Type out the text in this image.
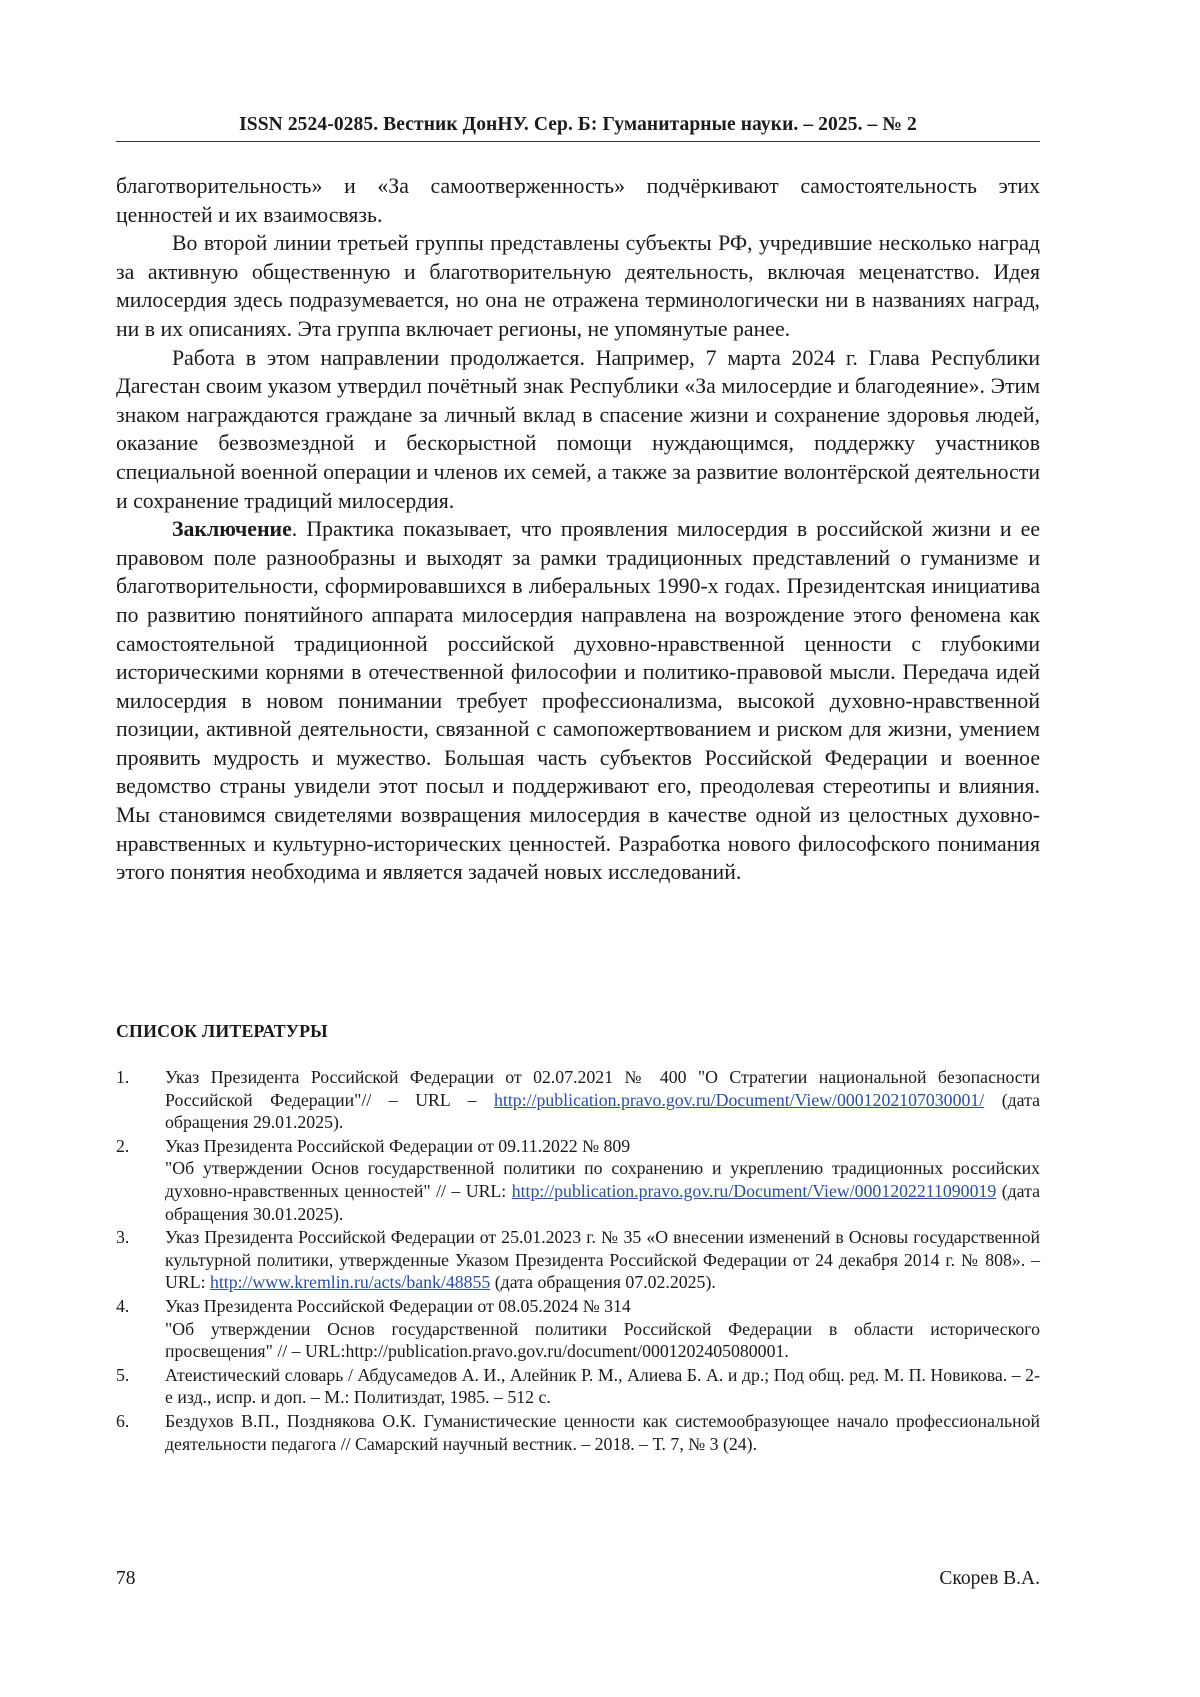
ISSN 2524-0285. Вестник ДонНУ. Сер. Б: Гуманитарные науки. – 2025. – № 2

благотворительность» и «За самоотверженность» подчёркивают самостоятельность этих ценностей и их взаимосвязь.

Во второй линии третьей группы представлены субъекты РФ, учредившие несколько наград за активную общественную и благотворительную деятельность, включая меценатство. Идея милосердия здесь подразумевается, но она не отражена терминологически ни в названиях наград, ни в их описаниях. Эта группа включает регионы, не упомянутые ранее.

Работа в этом направлении продолжается. Например, 7 марта 2024 г. Глава Республики Дагестан своим указом утвердил почётный знак Республики «За милосердие и благодеяние». Этим знаком награждаются граждане за личный вклад в спасение жизни и сохранение здоровья людей, оказание безвозмездной и бескорыстной помощи нуждающимся, поддержку участников специальной военной операции и членов их семей, а также за развитие волонтёрской деятельности и сохранение традиций милосердия.

Заключение. Практика показывает, что проявления милосердия в российской жизни и ее правовом поле разнообразны и выходят за рамки традиционных представлений о гуманизме и благотворительности, сформировавшихся в либеральных 1990-х годах. Президентская инициатива по развитию понятийного аппарата милосердия направлена на возрождение этого феномена как самостоятельной традиционной российской духовно-нравственной ценности с глубокими историческими корнями в отечественной философии и политико-правовой мысли. Передача идей милосердия в новом понимании требует профессионализма, высокой духовно-нравственной позиции, активной деятельности, связанной с самопожертвованием и риском для жизни, умением проявить мудрость и мужество. Большая часть субъектов Российской Федерации и военное ведомство страны увидели этот посыл и поддерживают его, преодолевая стереотипы и влияния. Мы становимся свидетелями возвращения милосердия в качестве одной из целостных духовно-нравственных и культурно-исторических ценностей. Разработка нового философского понимания этого понятия необходима и является задачей новых исследований.

СПИСОК ЛИТЕРАТУРЫ
1.	Указ Президента Российской Федерации от 02.07.2021 № 400 "О Стратегии национальной безопасности Российской Федерации"// – URL – http://publication.pravo.gov.ru/Document/View/0001202107030001/ (дата обращения 29.01.2025).
2.	Указ Президента Российской Федерации от 09.11.2022 № 809
"Об утверждении Основ государственной политики по сохранению и укреплению традиционных российских духовно-нравственных ценностей" // – URL: http://publication.pravo.gov.ru/Document/View/0001202211090019 (дата обращения 30.01.2025).
3.	Указ Президента Российской Федерации от 25.01.2023 г. № 35 «О внесении изменений в Основы государственной культурной политики, утвержденные Указом Президента Российской Федерации от 24 декабря 2014 г. № 808». – URL: http://www.kremlin.ru/acts/bank/48855 (дата обращения 07.02.2025).
4.	Указ Президента Российской Федерации от 08.05.2024 № 314
"Об утверждении Основ государственной политики Российской Федерации в области исторического просвещения" // – URL:http://publication.pravo.gov.ru/document/0001202405080001.
5.	Атеистический словарь / Абдусамедов А. И., Алейник Р. М., Алиева Б. А. и др.; Под общ. ред. М. П. Новикова. – 2-е изд., испр. и доп. – М.: Политиздат, 1985. – 512 с.
6.	Бездухов В.П., Позднякова О.К. Гуманистические ценности как системообразующее начало профессиональной деятельности педагога // Самарский научный вестник. – 2018. – Т. 7, № 3 (24).
78	Скорев В.А.
